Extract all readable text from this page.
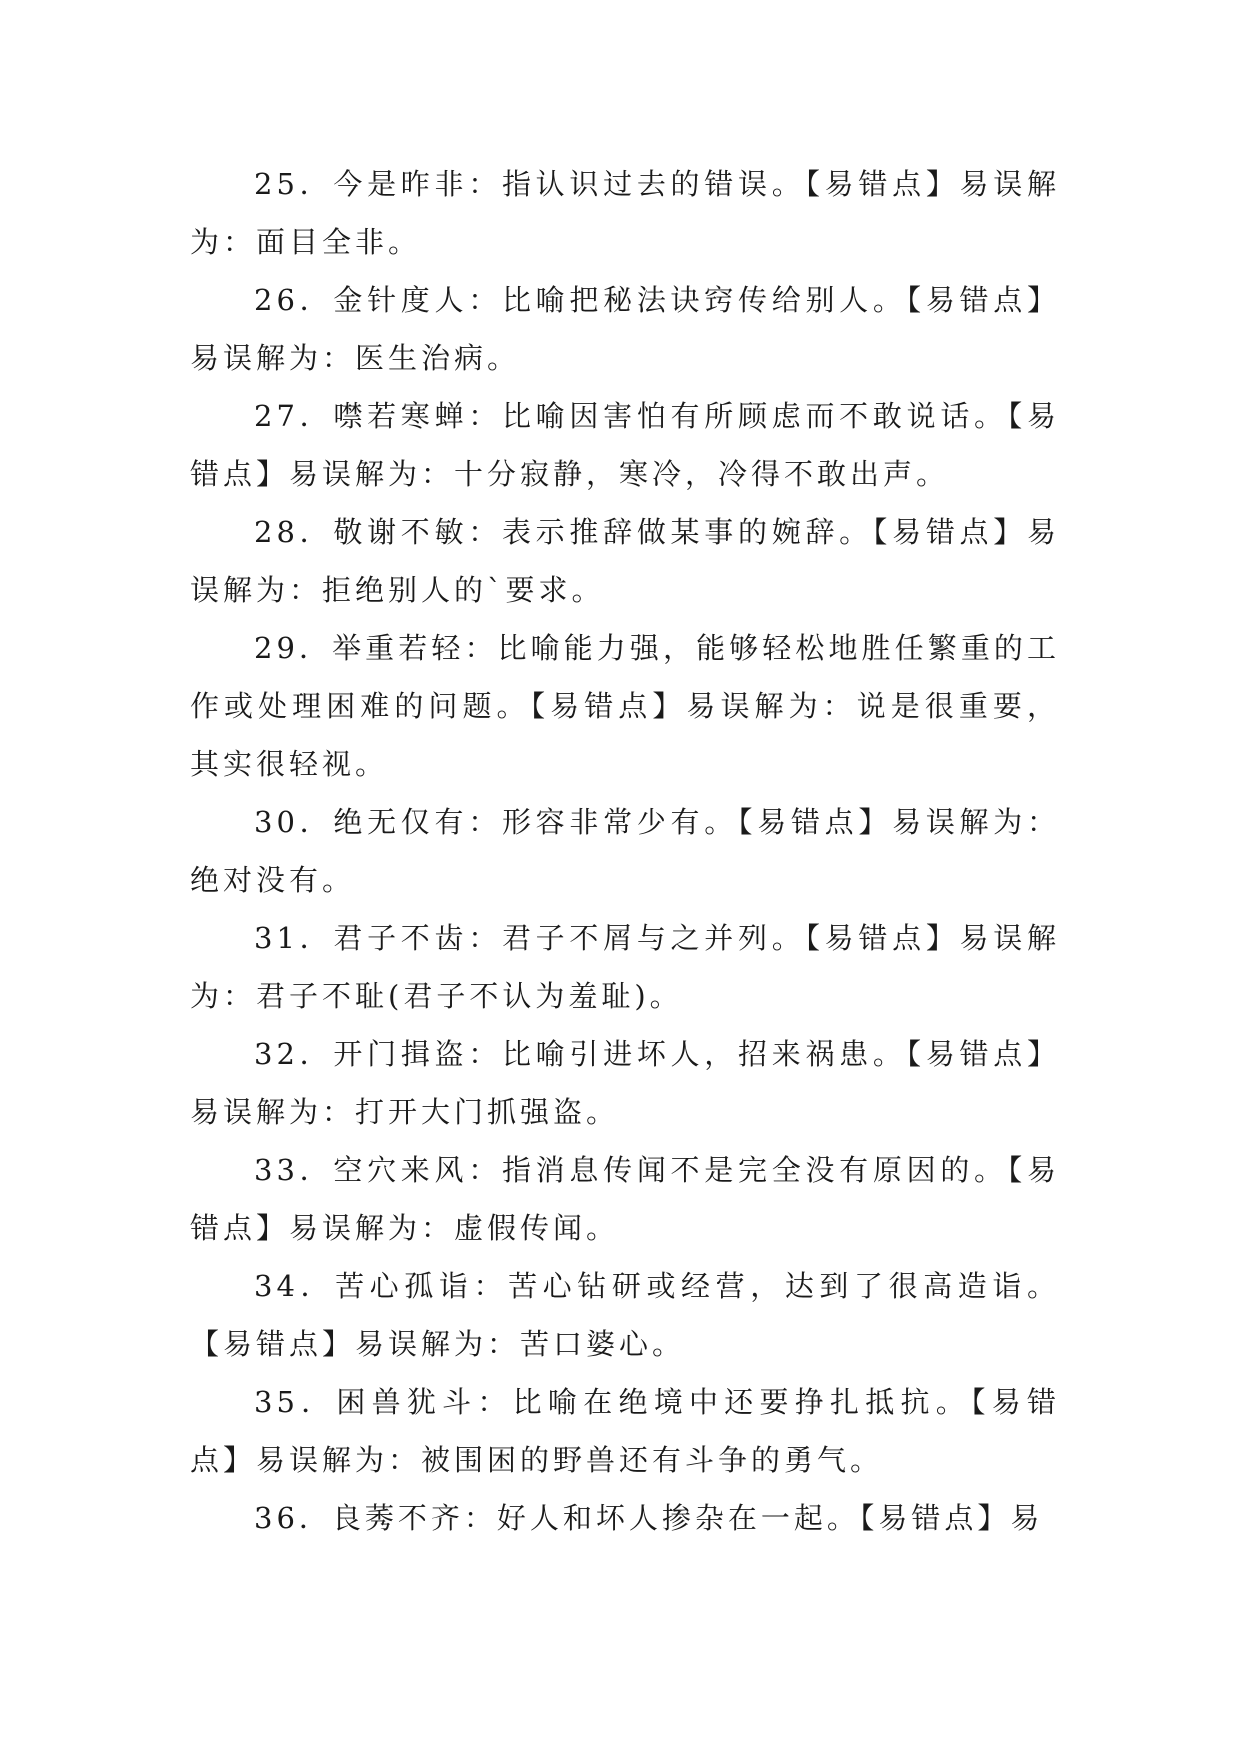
25．今是昨非：指认识过去的错误。【易错点】易误解为：面目全非。

26．金针度人：比喻把秘法诀窍传给别人。【易错点】易误解为：医生治病。

27．噤若寒蝉：比喻因害怕有所顾虑而不敢说话。【易错点】易误解为：十分寂静，寒冷，冷得不敢出声。

28．敬谢不敏：表示推辞做某事的婉辞。【易错点】易误解为：拒绝别人的`要求。

29．举重若轻：比喻能力强，能够轻松地胜任繁重的工作或处理困难的问题。【易错点】易误解为：说是很重要，其实很轻视。

30．绝无仅有：形容非常少有。【易错点】易误解为：绝对没有。

31．君子不齿：君子不屑与之并列。【易错点】易误解为：君子不耻(君子不认为羞耻)。

32．开门揖盗：比喻引进坏人，招来祸患。【易错点】易误解为：打开大门抓强盗。

33．空穴来风：指消息传闻不是完全没有原因的。【易错点】易误解为：虚假传闻。

34．苦心孤诣：苦心钻研或经营，达到了很高造诣。【易错点】易误解为：苦口婆心。

35．困兽犹斗：比喻在绝境中还要挣扎抵抗。【易错点】易误解为：被围困的野兽还有斗争的勇气。

36．良莠不齐：好人和坏人掺杂在一起。【易错点】易
